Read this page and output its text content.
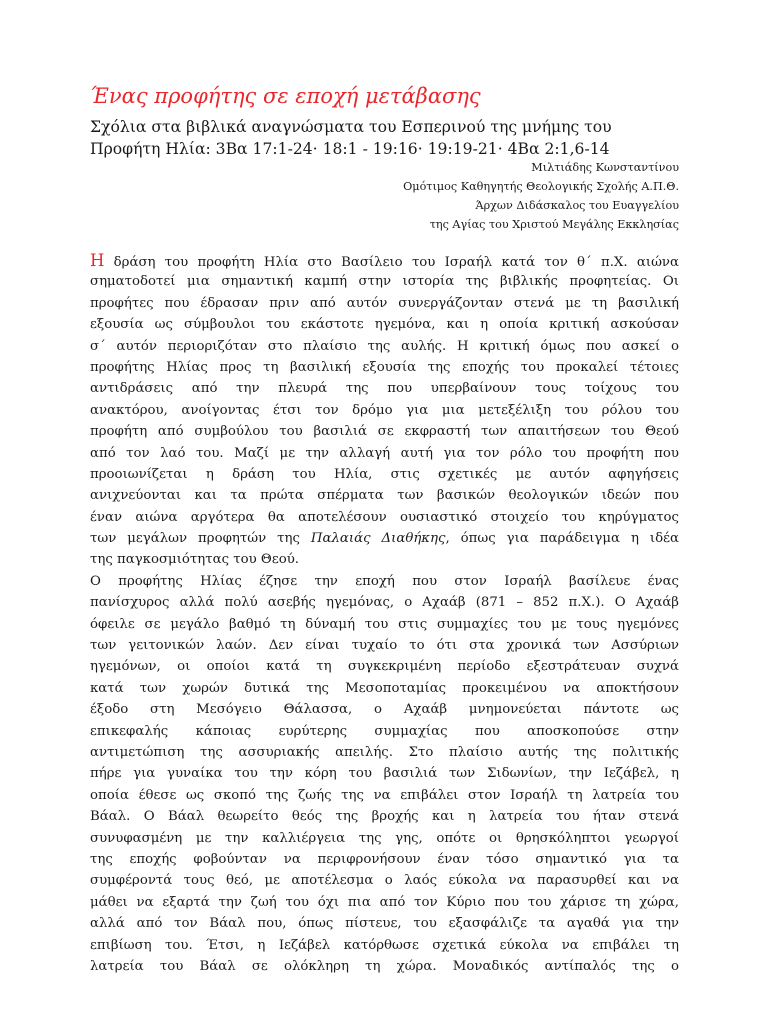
Ένας προφήτης σε εποχή μετάβασης
Σχόλια στα βιβλικά αναγνώσματα του Εσπερινού της μνήμης του
Προφήτη Ηλία: 3Βα 17:1-24· 18:1 - 19:16· 19:19-21· 4Βα 2:1,6-14
Μιλτιάδης Κωνσταντίνου
Ομότιμος Καθηγητής Θεολογικής Σχολής Α.Π.Θ.
Άρχων Διδάσκαλος του Ευαγγελίου
της Αγίας του Χριστού Μεγάλης Εκκλησίας
Η δράση του προφήτη Ηλία στο Βασίλειο του Ισραήλ κατά τον θ΄ π.Χ. αιώνα
σηματοδοτεί μια σημαντική καμπή στην ιστορία της βιβλικής προφητείας. Οι
προφήτες που έδρασαν πριν από αυτόν συνεργάζονταν στενά με τη βασιλική
εξουσία ως σύμβουλοι του εκάστοτε ηγεμόνα, και η οποία κριτική ασκούσαν
σ΄ αυτόν περιοριζόταν στο πλαίσιο της αυλής. Η κριτική όμως που ασκεί ο
προφήτης Ηλίας προς τη βασιλική εξουσία της εποχής του προκαλεί τέτοιες
αντιδράσεις από την πλευρά της που υπερβαίνουν τους τοίχους του
ανακτόρου, ανοίγοντας έτσι τον δρόμο για μια μετεξέλιξη του ρόλου του
προφήτη από συμβούλου του βασιλιά σε εκφραστή των απαιτήσεων του Θεού
από τον λαό του. Μαζί με την αλλαγή αυτή για τον ρόλο του προφήτη που
προοιωνίζεται η δράση του Ηλία, στις σχετικές με αυτόν αφηγήσεις
ανιχνεύονται και τα πρώτα σπέρματα των βασικών θεολογικών ιδεών που
έναν αιώνα αργότερα θα αποτελέσουν ουσιαστικό στοιχείο του κηρύγματος
των μεγάλων προφητών της Παλαιάς Διαθήκης, όπως για παράδειγμα η ιδέα
της παγκοσμιότητας του Θεού.
Ο προφήτης Ηλίας έζησε την εποχή που στον Ισραήλ βασίλευε ένας
πανίσχυρος αλλά πολύ ασεβής ηγεμόνας, ο Αχαάβ (871 – 852 π.Χ.). Ο Αχαάβ
όφειλε σε μεγάλο βαθμό τη δύναμή του στις συμμαχίες του με τους ηγεμόνες
των γειτονικών λαών. Δεν είναι τυχαίο το ότι στα χρονικά των Ασσύριων
ηγεμόνων, οι οποίοι κατά τη συγκεκριμένη περίοδο εξεστράτευαν συχνά
κατά των χωρών δυτικά της Μεσοποταμίας προκειμένου να αποκτήσουν
έξοδο στη Μεσόγειο Θάλασσα, ο Αχαάβ μνημονεύεται πάντοτε ως
επικεφαλής κάποιας ευρύτερης συμμαχίας που αποσκοπούσε στην
αντιμετώπιση της ασσυριακής απειλής. Στο πλαίσιο αυτής της πολιτικής
πήρε για γυναίκα του την κόρη του βασιλιά των Σιδωνίων, την Ιεζάβελ, η
οποία έθεσε ως σκοπό της ζωής της να επιβάλει στον Ισραήλ τη λατρεία του
Βάαλ. Ο Βάαλ θεωρείτο θεός της βροχής και η λατρεία του ήταν στενά
συνυφασμένη με την καλλιέργεια της γης, οπότε οι θρησκόληπτοι γεωργοί
της εποχής φοβούνταν να περιφρονήσουν έναν τόσο σημαντικό για τα
συμφέροντά τους θεό, με αποτέλεσμα ο λαός εύκολα να παρασυρθεί και να
μάθει να εξαρτά την ζωή του όχι πια από τον Κύριο που του χάρισε τη χώρα,
αλλά από τον Βάαλ που, όπως πίστευε, του εξασφάλιζε τα αγαθά για την
επιβίωση του. Έτσι, η Ιεζάβελ κατόρθωσε σχετικά εύκολα να επιβάλει τη
λατρεία του Βάαλ σε ολόκληρη τη χώρα. Μοναδικός αντίπαλός της ο
